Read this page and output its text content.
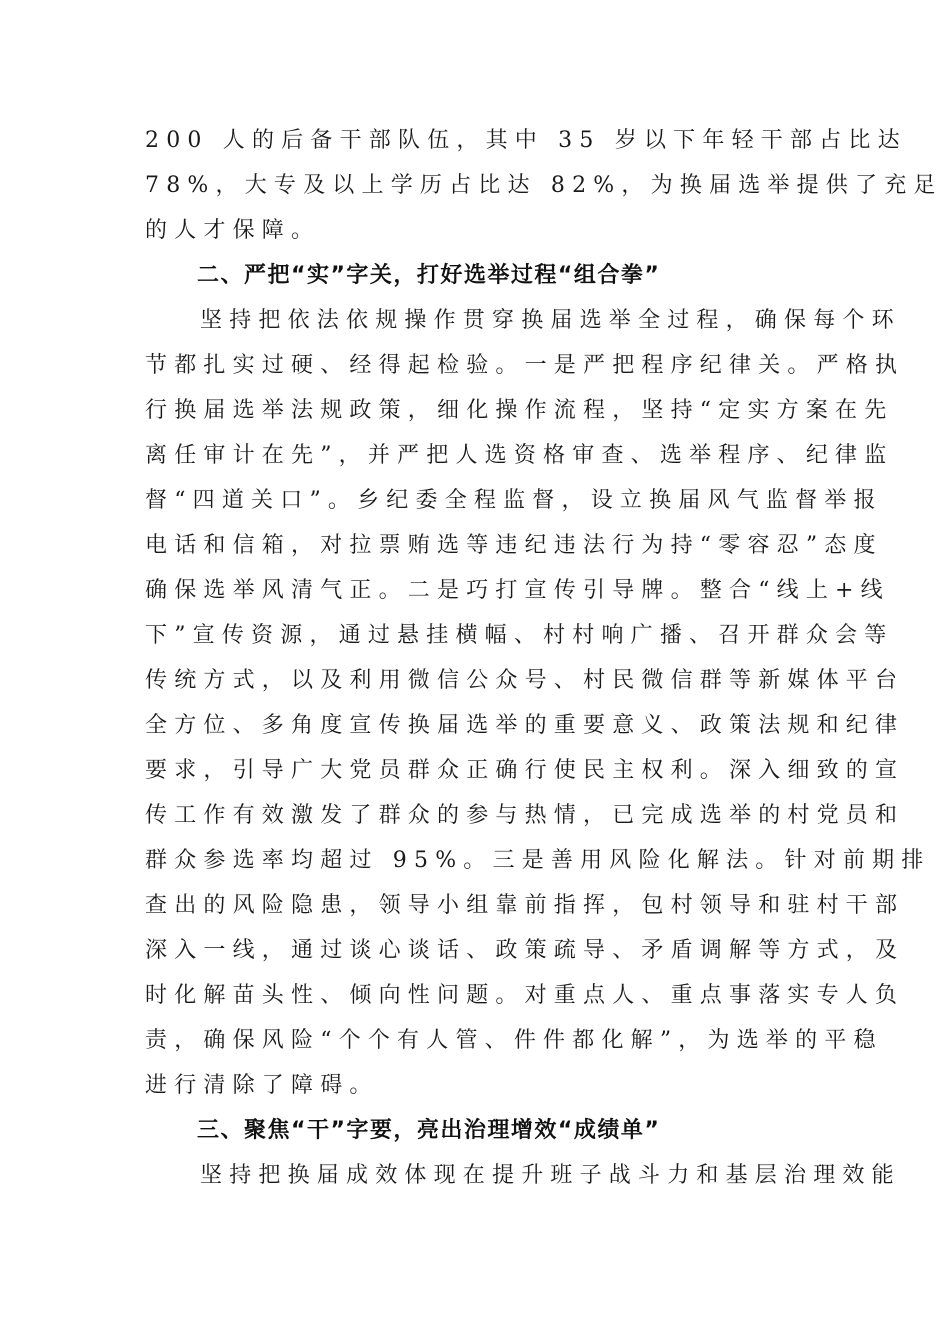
200 人的后备干部队伍，其中 35 岁以下年轻干部占比达
78%，大专及以上学历占比达 82%，为换届选举提供了充足
的人才保障。
二、严把“实”字关，打好选举过程“组合拳”
坚持把依法依规操作贯穿换届选举全过程，确保每个环
节都扎实过硬、经得起检验。一是严把程序纪律关。严格执
行换届选举法规政策，细化操作流程，坚持“定实方案在先
离任审计在先”，并严把人选资格审查、选举程序、纪律监
督“四道关口”。乡纪委全程监督，设立换届风气监督举报
电话和信箱，对拉票贿选等违纪违法行为持“零容忍”态度
确保选举风清气正。二是巧打宣传引导牌。整合“线上+线
下”宣传资源，通过悬挂横幅、村村响广播、召开群众会等
传统方式，以及利用微信公众号、村民微信群等新媒体平台
全方位、多角度宣传换届选举的重要意义、政策法规和纪律
要求，引导广大党员群众正确行使民主权利。深入细致的宣
传工作有效激发了群众的参与热情，已完成选举的村党员和
群众参选率均超过 95%。三是善用风险化解法。针对前期排
查出的风险隐患，领导小组靠前指挥，包村领导和驻村干部
深入一线，通过谈心谈话、政策疏导、矛盾调解等方式，及
时化解苗头性、倾向性问题。对重点人、重点事落实专人负
责，确保风险“个个有人管、件件都化解”，为选举的平稳
进行清除了障碍。
三、聚焦“干”字要，亮出治理增效“成绩单”
坚持把换届成效体现在提升班子战斗力和基层治理效能
